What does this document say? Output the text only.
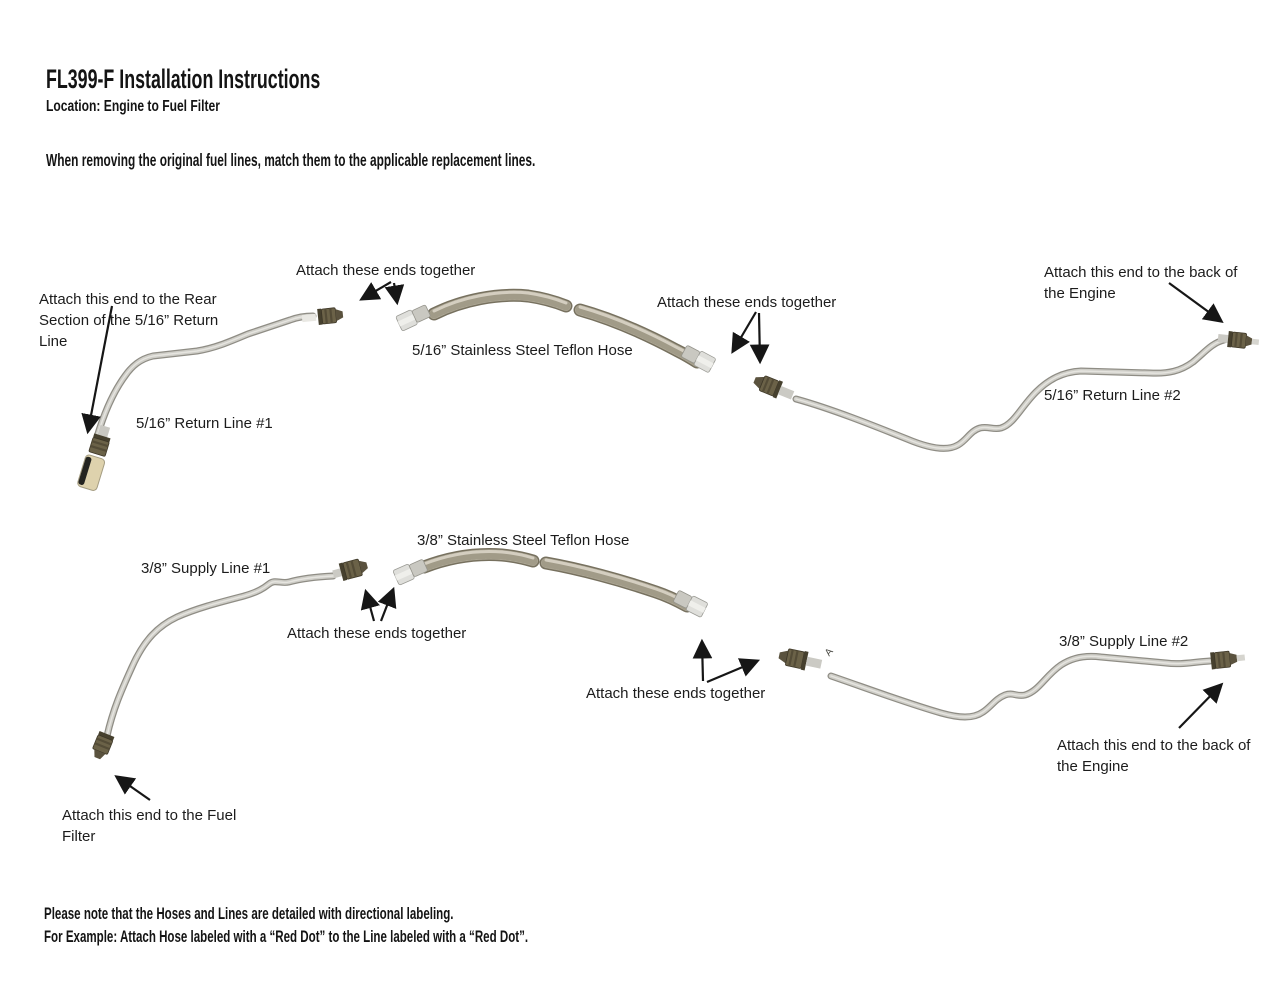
FL399-F Installation Instructions
Location: Engine to Fuel Filter
When removing the original fuel lines, match them to the applicable replacement lines.
Attach this end to the Rear Section of the 5/16” Return Line
Attach these ends together
5/16” Stainless Steel Teflon Hose
Attach these ends together
Attach this end to the back of the Engine
5/16” Return Line #2
5/16” Return Line #1
3/8” Stainless Steel Teflon Hose
3/8” Supply Line #1
Attach these ends together
Attach these ends together
3/8” Supply Line #2
Attach this end to the back of the Engine
Attach this end to the Fuel Filter
A
Please note that the Hoses and Lines are detailed with directional labeling.
For Example: Attach Hose labeled with a “Red Dot” to the Line labeled with a “Red Dot”.
